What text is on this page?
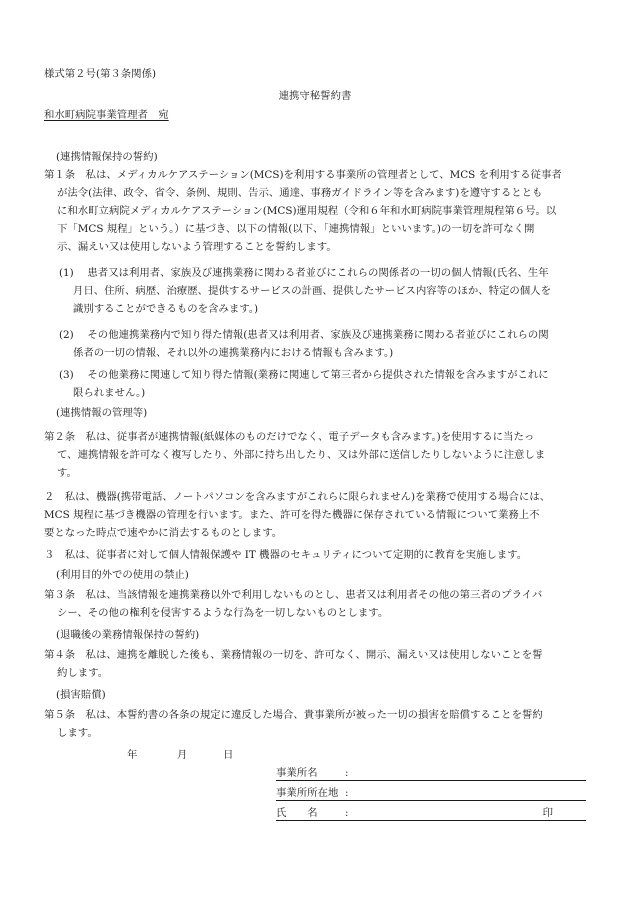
様式第２号(第３条関係)
連携守秘誓約書
和水町病院事業管理者　宛
(連携情報保持の誓約)
第１条　私は、メディカルケアステーション(MCS)を利用する事業所の管理者として、MCS を利用する従事者
が法令(法律、政令、省令、条例、規則、告示、通達、事務ガイドライン等を含みます)を遵守するととも
に和水町立病院メディカルケアステーション(MCS)運用規程（令和６年和水町病院事業管理規程第６号。以
下「MCS 規程」という。）に基づき、以下の情報(以下、「連携情報」といいます。)の一切を許可なく開
示、漏えい又は使用しないよう管理することを誓約します。
(1)　 患者又は利用者、家族及び連携業務に関わる者並びにこれらの関係者の一切の個人情報(氏名、生年
月日、住所、病歴、治療歴、提供するサービスの計画、提供したサービス内容等のほか、特定の個人を
識別することができるものを含みます。)
(2)　 その他連携業務内で知り得た情報(患者又は利用者、家族及び連携業務に関わる者並びにこれらの関
係者の一切の情報、それ以外の連携業務内における情報も含みます。)
(3)　 その他業務に関連して知り得た情報(業務に関連して第三者から提供された情報を含みますがこれに
限られません。)
(連携情報の管理等)
第２条　私は、従事者が連携情報(紙媒体のものだけでなく、電子データも含みます。)を使用するに当たっ
て、連携情報を許可なく複写したり、外部に持ち出したり、又は外部に送信したりしないように注意しま
す。
２　私は、機器(携帯電話、ノートパソコンを含みますがこれらに限られません)を業務で使用する場合には、
MCS 規程に基づき機器の管理を行います。また、許可を得た機器に保存されている情報について業務上不
要となった時点で速やかに消去するものとします。
３　私は、従事者に対して個人情報保護や IT 機器のセキュリティについて定期的に教育を実施します。
(利用目的外での使用の禁止)
第３条　私は、当該情報を連携業務以外で利用しないものとし、患者又は利用者その他の第三者のプライバ
シー、その他の権利を侵害するような行為を一切しないものとします。
(退職後の業務情報保持の誓約)
第４条　私は、連携を離脱した後も、業務情報の一切を、許可なく、開示、漏えい又は使用しないことを誓
約します。
(損害賠償)
第５条　私は、本誓約書の各条の規定に違反した場合、貴事業所が被った一切の損害を賠償することを誓約
します。
年	月	日
事業所名	:
事業所所在地 :
氏　　名	:	印
